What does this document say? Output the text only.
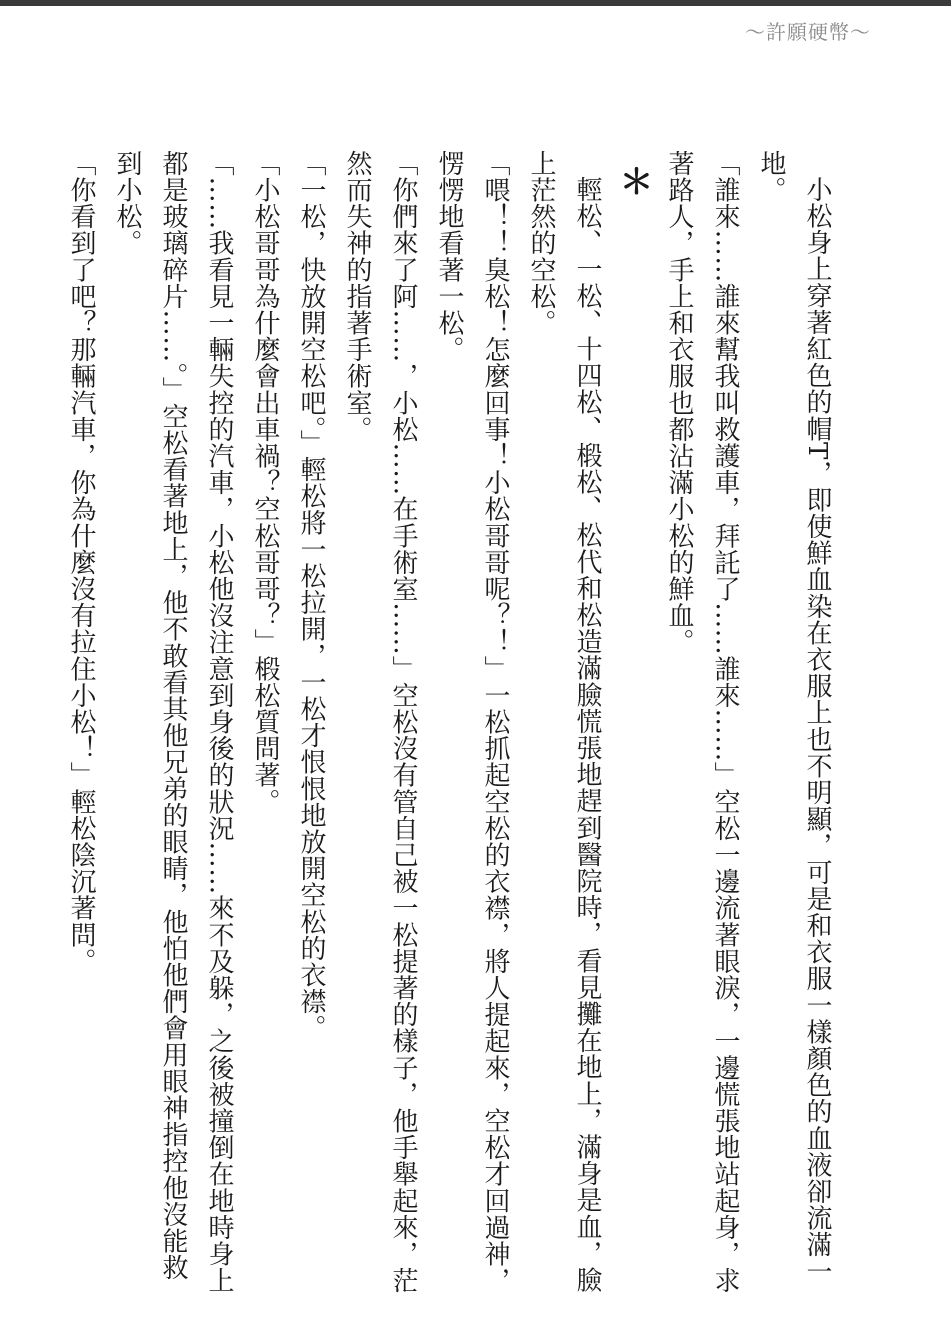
～許願硬幣～

小松身上穿著紅色的帽T，即使鮮血染在衣服上也不明顯，可是和衣服一樣顏色的血液卻流滿一地。

「誰來……誰來幫我叫救護車，拜託了……誰來……」空松一邊流著眼淚，一邊慌張地站起身，求著路人，手上和衣服也都沾滿小松的鮮血。

＊

輕松、一松、十四松、椴松、松代和松造滿臉慌張地趕到醫院時，看見攤在地上，滿身是血，臉上茫然的空松。

「喂！！臭松！怎麼回事！小松哥哥呢？！」一松抓起空松的衣襟，將人提起來，空松才回過神，愣愣地看著一松。

「你們來了阿……，小松……在手術室……」空松沒有管自己被一松提著的樣子，他手舉起來，茫然而失神的指著手術室。

「一松，快放開空松吧。」輕松將一松拉開，一松才恨恨地放開空松的衣襟。

「小松哥哥為什麼會出車禍？空松哥哥？」椴松質問著。

「……我看見一輛失控的汽車，小松他沒注意到身後的狀況……來不及躲，之後被撞倒在地時身上都是玻璃碎片……。」空松看著地上，他不敢看其他兄弟的眼睛，他怕他們會用眼神指控他沒能救到小松。

「你看到了吧？那輛汽車，你為什麼沒有拉住小松！」輕松陰沉著問。
